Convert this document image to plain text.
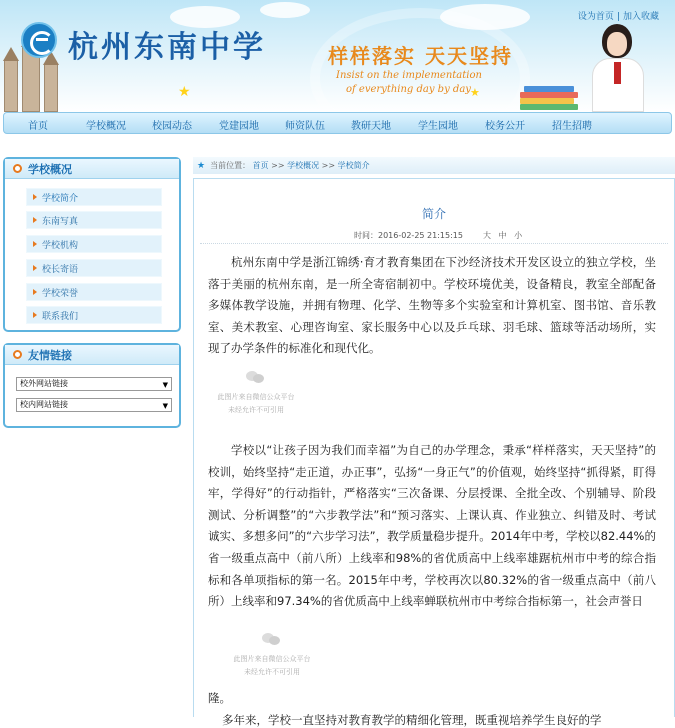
设为首页 | 加入收藏
杭州东南中学	样样落实 天天坚持
Insist on the implementation
of everything day by day
★	★
首页	学校概况	校园动态	党建园地	师资队伍	教研天地	学生园地	校务公开	招生招聘
学校概况
学校简介
东南写真
学校机构
校长寄语
学校荣誉
联系我们
友情链接
校外网站链接	▼
校内网站链接	▼
★ 当前位置： 首页 >> 学校概况 >> 学校简介
简介
时间：2016-02-25 21:15:15	大 中 小

杭州东南中学是浙江锦绣·育才教育集团在下沙经济技术开发区设立的独立学校，坐落于美丽的杭州东南，是一所全寄宿制初中。学校环境优美，设备精良，教室全部配备多媒体教学设施，并拥有物理、化学、生物等多个实验室和计算机室、图书馆、音乐教室、美术教室、心理咨询室、家长服务中心以及乒乓球、羽毛球、篮球等活动场所，实现了办学条件的标准化和现代化。

此图片来自微信公众平台
未经允许不可引用

学校以“让孩子因为我们而幸福”为自己的办学理念，秉承“样样落实，天天坚持”的校训，始终坚持“走正道，办正事”，弘扬“一身正气”的价值观，始终坚持“抓得紧，盯得牢，学得好”的行动指针，严格落实“三次备课、分层授课、全批全改、个别辅导、阶段测试、分析调整”的“六步教学法”和“预习落实、上课认真、作业独立、纠错及时、考试诚实、多想多问”的“六步学习法”，教学质量稳步提升。2014年中考，学校以82.44%的省一级重点高中（前八所）上线率和98%的省优质高中上线率雄踞杭州市中考的综合指标和各单项指标的第一名。2015年中考，学校再次以80.32%的省一级重点高中（前八所）上线率和97.34%的省优质高中上线率蝉联杭州市中考综合指标第一，社会声誉日

此图片来自微信公众平台
未经允许不可引用
隆。
多年来，学校一直坚持对教育教学的精细化管理，既重视培养学生良好的学
